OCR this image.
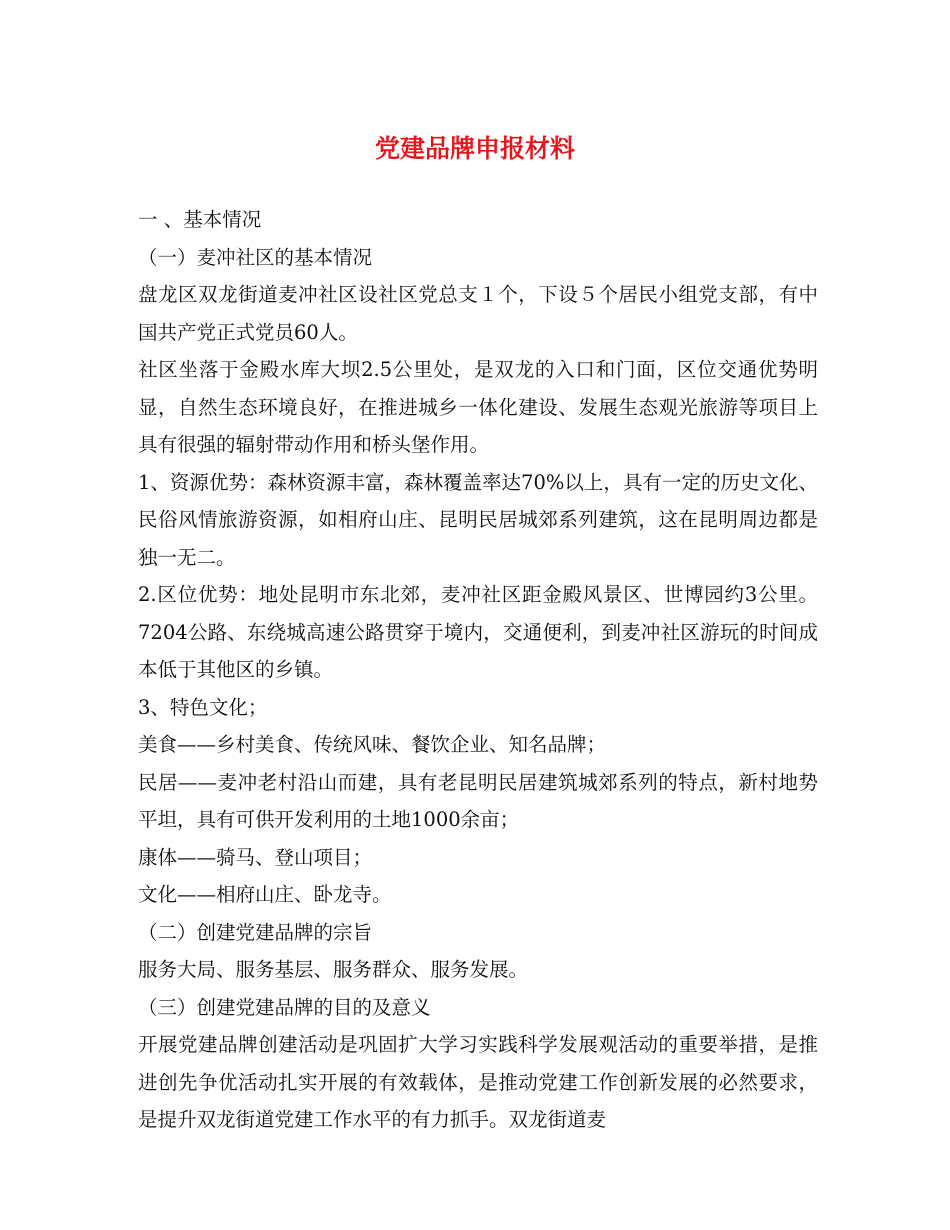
党建品牌申报材料

一 、基本情况

（一）麦冲社区的基本情况

盘龙区双龙街道麦冲社区设社区党总支１个，下设５个居民小组党支部，有中国共产党正式党员60人。

社区坐落于金殿水库大坝2.5公里处，是双龙的入口和门面，区位交通优势明显，自然生态环境良好，在推进城乡一体化建设、发展生态观光旅游等项目上具有很强的辐射带动作用和桥头堡作用。

1、资源优势：森林资源丰富，森林覆盖率达70%以上，具有一定的历史文化、民俗风情旅游资源，如相府山庄、昆明民居城郊系列建筑，这在昆明周边都是独一无二。

2.区位优势：地处昆明市东北郊，麦冲社区距金殿风景区、世博园约3公里。7204公路、东绕城高速公路贯穿于境内，交通便利，到麦冲社区游玩的时间成本低于其他区的乡镇。

3、特色文化；

美食——乡村美食、传统风味、餐饮企业、知名品牌；

民居——麦冲老村沿山而建，具有老昆明民居建筑城郊系列的特点，新村地势平坦，具有可供开发利用的土地1000余亩；

康体——骑马、登山项目；

文化——相府山庄、卧龙寺。

（二）创建党建品牌的宗旨

服务大局、服务基层、服务群众、服务发展。

（三）创建党建品牌的目的及意义

开展党建品牌创建活动是巩固扩大学习实践科学发展观活动的重要举措，是推进创先争优活动扎实开展的有效载体，是推动党建工作创新发展的必然要求，是提升双龙街道党建工作水平的有力抓手。双龙街道麦
